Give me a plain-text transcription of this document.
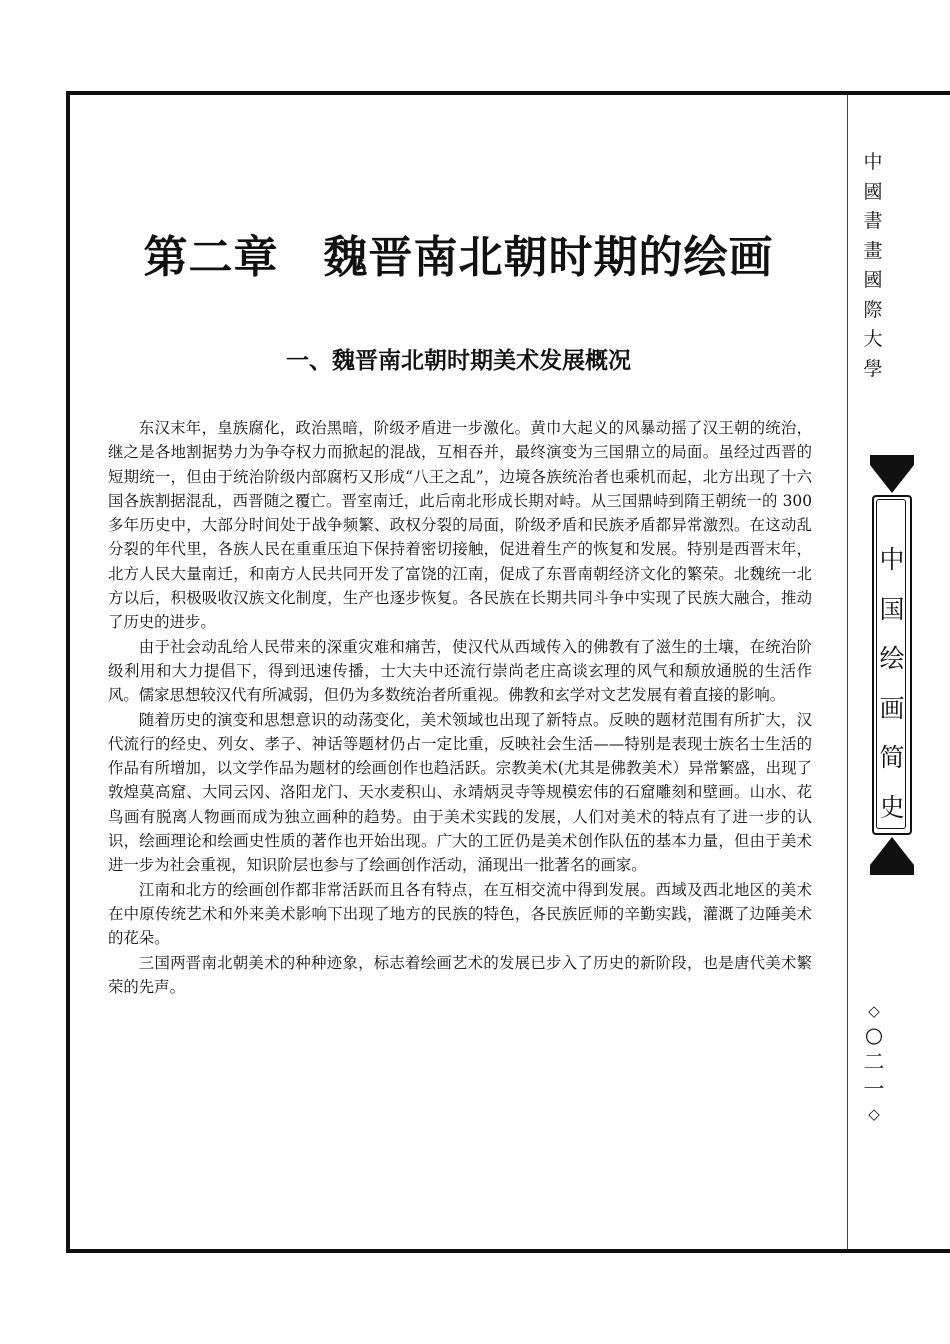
第二章　魏晋南北朝时期的绘画
一、魏晋南北朝时期美术发展概况

东汉末年，皇族腐化，政治黑暗，阶级矛盾进一步激化。黄巾大起义的风暴动摇了汉王朝的统治，继之是各地割据势力为争夺权力而掀起的混战，互相吞并，最终演变为三国鼎立的局面。虽经过西晋的短期统一，但由于统治阶级内部腐朽又形成“八王之乱”，边境各族统治者也乘机而起，北方出现了十六国各族割据混乱，西晋随之覆亡。晋室南迁，此后南北形成长期对峙。从三国鼎峙到隋王朝统一的 300 多年历史中，大部分时间处于战争频繁、政权分裂的局面，阶级矛盾和民族矛盾都异常激烈。在这动乱分裂的年代里，各族人民在重重压迫下保持着密切接触，促进着生产的恢复和发展。特别是西晋末年，北方人民大量南迁，和南方人民共同开发了富饶的江南，促成了东晋南朝经济文化的繁荣。北魏统一北方以后，积极吸收汉族文化制度，生产也逐步恢复。各民族在长期共同斗争中实现了民族大融合，推动了历史的进步。

由于社会动乱给人民带来的深重灾难和痛苦，使汉代从西域传入的佛教有了滋生的土壤，在统治阶级利用和大力提倡下，得到迅速传播，士大夫中还流行崇尚老庄高谈玄理的风气和颓放通脱的生活作风。儒家思想较汉代有所减弱，但仍为多数统治者所重视。佛教和玄学对文艺发展有着直接的影响。

随着历史的演变和思想意识的动荡变化，美术领域也出现了新特点。反映的题材范围有所扩大，汉代流行的经史、列女、孝子、神话等题材仍占一定比重，反映社会生活——特别是表现士族名士生活的作品有所增加，以文学作品为题材的绘画创作也趋活跃。宗教美术(尤其是佛教美术）异常繁盛，出现了敦煌莫高窟、大同云冈、洛阳龙门、天水麦积山、永靖炳灵寺等规模宏伟的石窟雕刻和壁画。山水、花鸟画有脱离人物画而成为独立画种的趋势。由于美术实践的发展，人们对美术的特点有了进一步的认识，绘画理论和绘画史性质的著作也开始出现。广大的工匠仍是美术创作队伍的基本力量，但由于美术进一步为社会重视，知识阶层也参与了绘画创作活动，涌现出一批著名的画家。

江南和北方的绘画创作都非常活跃而且各有特点，在互相交流中得到发展。西域及西北地区的美术在中原传统艺术和外来美术影响下出现了地方的民族的特色，各民族匠师的辛勤实践，灌溉了边陲美术的花朵。

三国两晋南北朝美术的种种迹象，标志着绘画艺术的发展已步入了历史的新阶段，也是唐代美术繁荣的先声。

中
國
書
畫
國
際
大
學
中
国
绘
画
简
史
◇
○
二
一
◇
